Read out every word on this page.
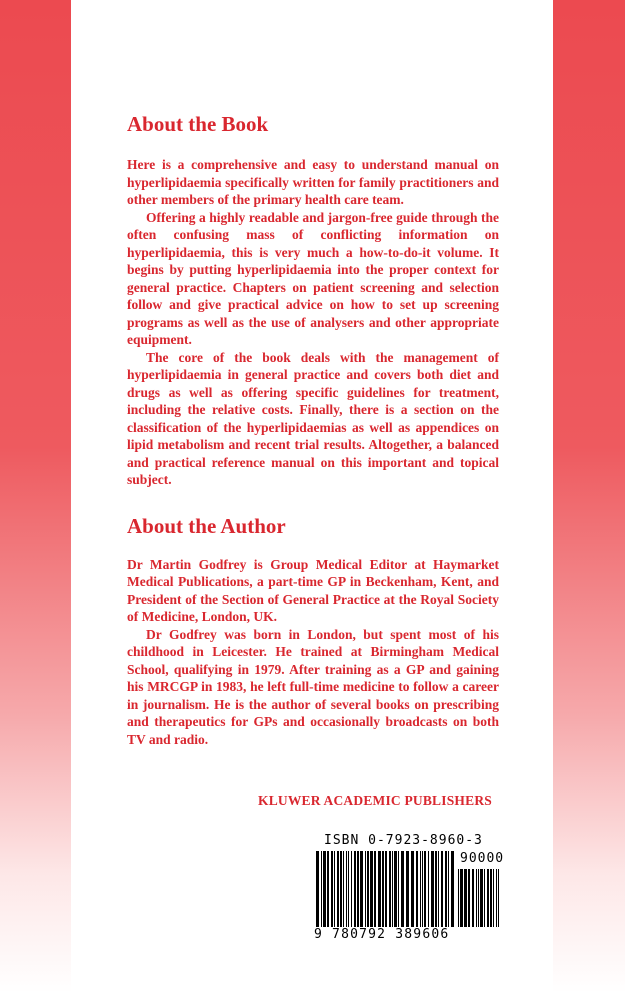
About the Book

Here is a comprehensive and easy to understand manual on hyperlipidaemia specifically written for family practitioners and other members of the primary health care team.

Offering a highly readable and jargon-free guide through the often confusing mass of conflicting information on hyperlipidaemia, this is very much a how-to-do-it volume. It begins by putting hyperlipidaemia into the proper context for general practice. Chapters on patient screening and selection follow and give practical advice on how to set up screening programs as well as the use of analysers and other appropriate equipment.

The core of the book deals with the management of hyperlipidaemia in general practice and covers both diet and drugs as well as offering specific guidelines for treatment, including the relative costs. Finally, there is a section on the classification of the hyperlipidaemias as well as appendices on lipid metabolism and recent trial results. Altogether, a balanced and practical reference manual on this important and topical subject.

About the Author

Dr Martin Godfrey is Group Medical Editor at Haymarket Medical Publications, a part-time GP in Beckenham, Kent, and President of the Section of General Practice at the Royal Society of Medicine, London, UK.

Dr Godfrey was born in London, but spent most of his childhood in Leicester. He trained at Birmingham Medical School, qualifying in 1979. After training as a GP and gaining his MRCGP in 1983, he left full-time medicine to follow a career in journalism. He is the author of several books on prescribing and therapeutics for GPs and occasionally broadcasts on both TV and radio.

KLUWER ACADEMIC PUBLISHERS
ISBN 0-7923-8960-3
90000
9 780792 389606
